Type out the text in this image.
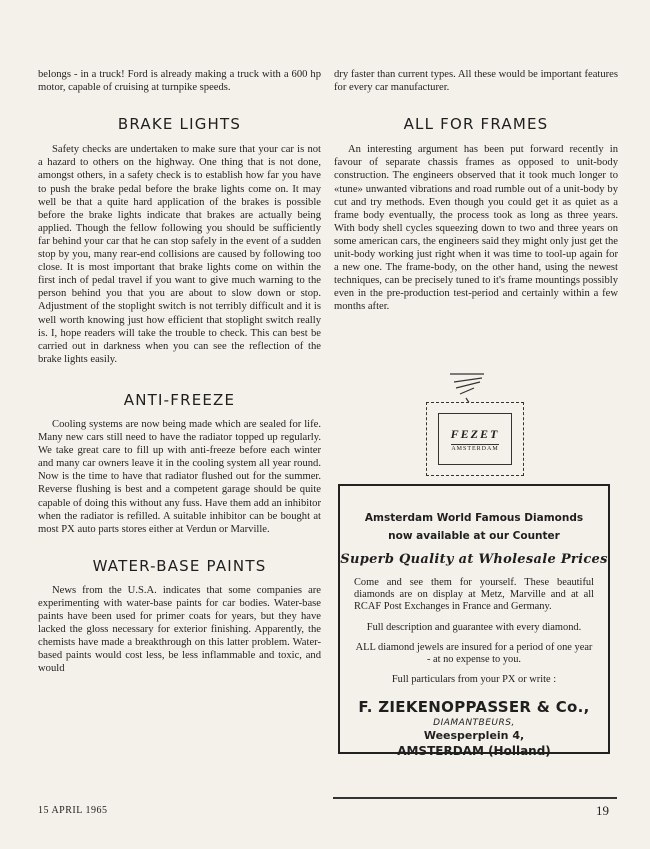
belongs - in a truck! Ford is already making a truck with a 600 hp motor, capable of cruising at turnpike speeds.

BRAKE LIGHTS

Safety checks are undertaken to make sure that your car is not a hazard to others on the highway. One thing that is not done, amongst others, in a safety check is to establish how far you have to push the brake pedal before the brake lights come on. It may well be that a quite hard application of the brakes is possible before the brake lights indicate that brakes are actually being applied. Though the fellow following you should be sufficiently far behind your car that he can stop safely in the event of a sudden stop by you, many rear-end collisions are caused by following too close. It is most important that brake lights come on within the first inch of pedal travel if you want to give much warning to the person behind you that you are about to slow down or stop. Adjustment of the stoplight switch is not terribly difficult and it is well worth knowing just how efficient that stoplight switch really is. I, hope readers will take the trouble to check. This can best be carried out in darkness when you can see the reflection of the brake lights easily.

ANTI-FREEZE

Cooling systems are now being made which are sealed for life. Many new cars still need to have the radiator topped up regularly. We take great care to fill up with anti-freeze before each winter and many car owners leave it in the cooling system all year round. Now is the time to have that radiator flushed out for the summer. Reverse flushing is best and a competent garage should be quite capable of doing this without any fuss. Have them add an inhibitor when the radiator is refilled. A suitable inhibitor can be bought at most PX auto parts stores either at Verdun or Marville.

WATER-BASE PAINTS

News from the U.S.A. indicates that some companies are experimenting with water-base paints for car bodies. Water-base paints have been used for primer coats for years, but they have lacked the gloss necessary for exterior finishing. Apparently, the chemists have made a breakthrough on this latter problem. Water-based paints would cost less, be less inflammable and toxic, and would

dry faster than current types. All these would be important features for every car manufacturer.

ALL FOR FRAMES

An interesting argument has been put forward recently in favour of separate chassis frames as opposed to unit-body construction. The engineers observed that it took much longer to «tune» unwanted vibrations and road rumble out of a unit-body by cut and try methods. Even though you could get it as quiet as a frame body eventually, the process took as long as three years. With body shell cycles squeezing down to two and three years on some american cars, the engineers said they might only just get the unit-body working just right when it was time to tool-up again for a new one. The frame-body, on the other hand, using the newest techniques, can be precisely tuned to it's frame mountings possibly even in the pre-production test-period and certainly within a few months after.

Amsterdam World Famous Diamonds
now available at our Counter
Superb Quality at Wholesale Prices
Come and see them for yourself. These beautiful diamonds are on display at Metz, Marville and at all RCAF Post Exchanges in France and Germany.
Full description and guarantee with every diamond.
ALL diamond jewels are insured for a period of one year - at no expense to you.
Full particulars from your PX or write :
F. ZIEKENOPPASSER & Co.,
DIAMANTBEURS,
Weesperplein 4,
AMSTERDAM (Holland)
FEZET
AMSTERDAM
15 APRIL 1965	19
